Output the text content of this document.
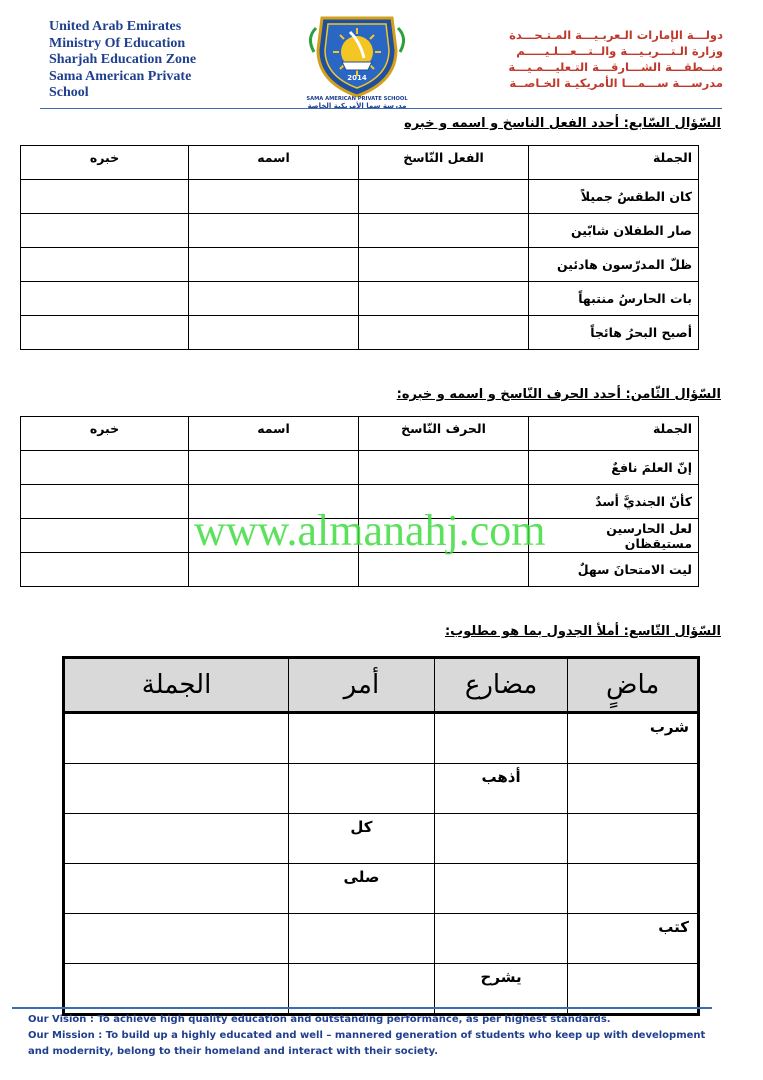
United Arab Emirates
Ministry Of Education
Sharjah Education Zone
Sama American Private
School
2014
SAMA AMERICAN PRIVATE SCHOOL
مدرسة سما الأمريكية الخاصة
دولـــة الإمارات الـعربـيـــة المـتـحـــدة
وزارة الـتـــربـيـــة والــتـــعـــلـيـــــم
منــطقـــة الشـــارقـــة التـعليـــمـيـــة
مدرســـة ســـمـــا الأمريكيـة الخـاصــة
السّؤال السّابع: أحدد الفعل الناسخ و اسمه و خبره
الجملة	الفعل النّاسخ	اسمه	خبره
كان الطقسُ جميلاً			
صار الطفلان شابّين			
ظلّ المدرّسون هادئين			
بات الحارسُ منتبهاً			
أصبح البحرُ هائجاً			
السّؤال الثّامن: أحدد الحرف النّاسخ و اسمه و خبره:
الجملة	الحرف النّاسخ	اسمه	خبره
إنّ العلمَ نافعٌ			
كأنّ الجنديَّ أسدٌ			
لعل الحارسين مستيقظان			
ليت الامتحانَ سهلٌ			
www.almanahj.com
السّؤال التّاسع: أملأ الجدول بما هو مطلوب:
ماضٍ	مضارع	أمر	الجملة
شرب			
	أذهب		
		كل	
		صلى	
كتب			
	يشرح		
Our Vision : To achieve high quality education and outstanding performance, as per highest standards.
Our Mission : To build up a highly educated and well – mannered generation of students who keep up with development
and modernity, belong to their homeland and interact with their society.
